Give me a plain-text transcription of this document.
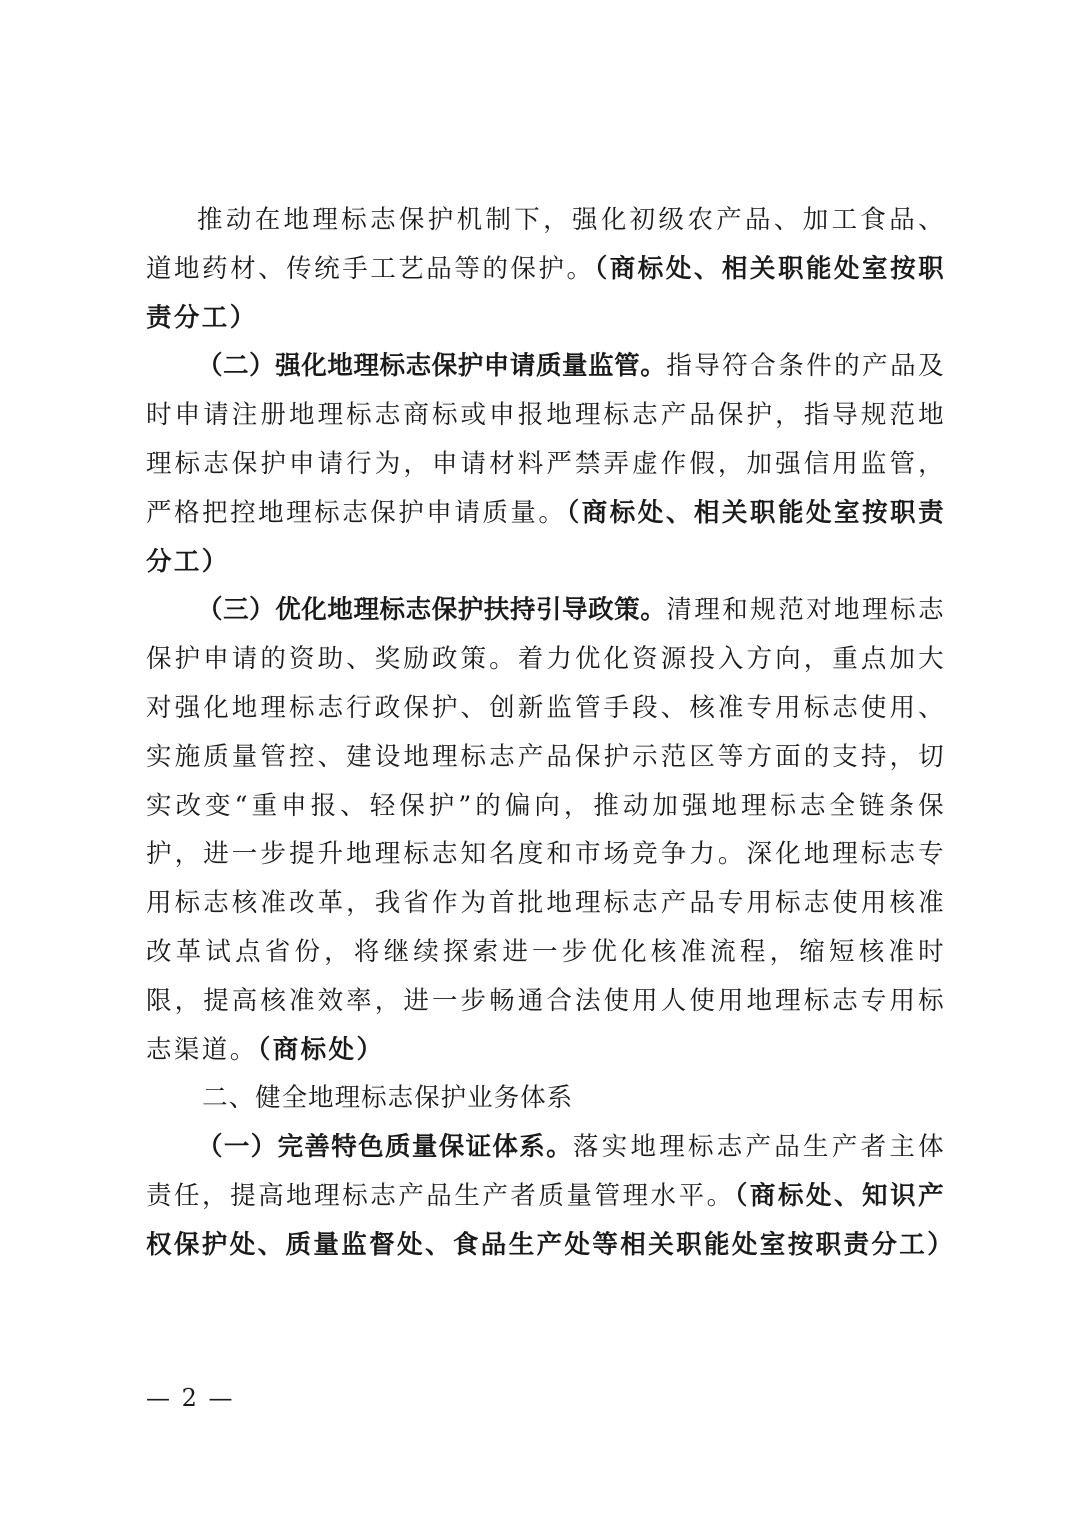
推动在地理标志保护机制下，强化初级农产品、加工食品、道地药材、传统手工艺品等的保护。（商标处、相关职能处室按职责分工）

（二）强化地理标志保护申请质量监管。指导符合条件的产品及时申请注册地理标志商标或申报地理标志产品保护，指导规范地理标志保护申请行为，申请材料严禁弄虚作假，加强信用监管，严格把控地理标志保护申请质量。（商标处、相关职能处室按职责分工）

（三）优化地理标志保护扶持引导政策。清理和规范对地理标志保护申请的资助、奖励政策。着力优化资源投入方向，重点加大对强化地理标志行政保护、创新监管手段、核准专用标志使用、实施质量管控、建设地理标志产品保护示范区等方面的支持，切实改变“重申报、轻保护”的偏向，推动加强地理标志全链条保护，进一步提升地理标志知名度和市场竞争力。深化地理标志专用标志核准改革，我省作为首批地理标志产品专用标志使用核准改革试点省份，将继续探索进一步优化核准流程，缩短核准时限，提高核准效率，进一步畅通合法使用人使用地理标志专用标志渠道。（商标处）

二、健全地理标志保护业务体系

（一）完善特色质量保证体系。落实地理标志产品生产者主体责任，提高地理标志产品生产者质量管理水平。（商标处、知识产权保护处、质量监督处、食品生产处等相关职能处室按职责分工）

— 2 —
